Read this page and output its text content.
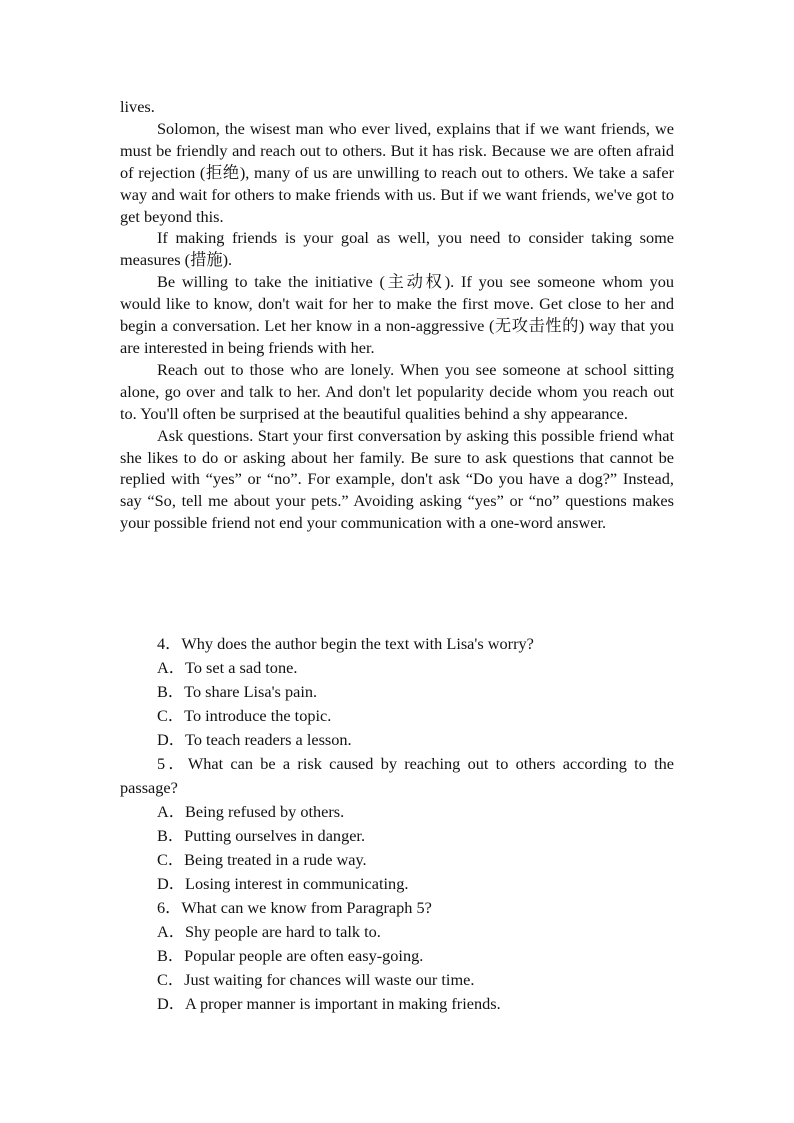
lives.

Solomon, the wisest man who ever lived, explains that if we want friends, we must be friendly and reach out to others. But it has risk. Because we are often afraid of rejection (拒绝), many of us are unwilling to reach out to others. We take a safer way and wait for others to make friends with us. But if we want friends, we've got to get beyond this.

If making friends is your goal as well, you need to consider taking some measures (措施).

Be willing to take the initiative (主动权). If you see someone whom you would like to know, don't wait for her to make the first move. Get close to her and begin a conversation. Let her know in a non-aggressive (无攻击性的) way that you are interested in being friends with her.

Reach out to those who are lonely. When you see someone at school sitting alone, go over and talk to her. And don't let popularity decide whom you reach out to. You'll often be surprised at the beautiful qualities behind a shy appearance.

Ask questions. Start your first conversation by asking this possible friend what she likes to do or asking about her family. Be sure to ask questions that cannot be replied with “yes” or “no”. For example, don't ask “Do you have a dog?” Instead, say “So, tell me about your pets.” Avoiding asking “yes” or “no” questions makes your possible friend not end your communication with a one-word answer.

4．Why does the author begin the text with Lisa's worry?

A．To set a sad tone.

B．To share Lisa's pain.

C．To introduce the topic.

D．To teach readers a lesson.

5．What can be a risk caused by reaching out to others according to the passage?

A．Being refused by others.

B．Putting ourselves in danger.

C．Being treated in a rude way.

D．Losing interest in communicating.

6．What can we know from Paragraph 5?

A．Shy people are hard to talk to.

B．Popular people are often easy-going.

C．Just waiting for chances will waste our time.

D．A proper manner is important in making friends.
